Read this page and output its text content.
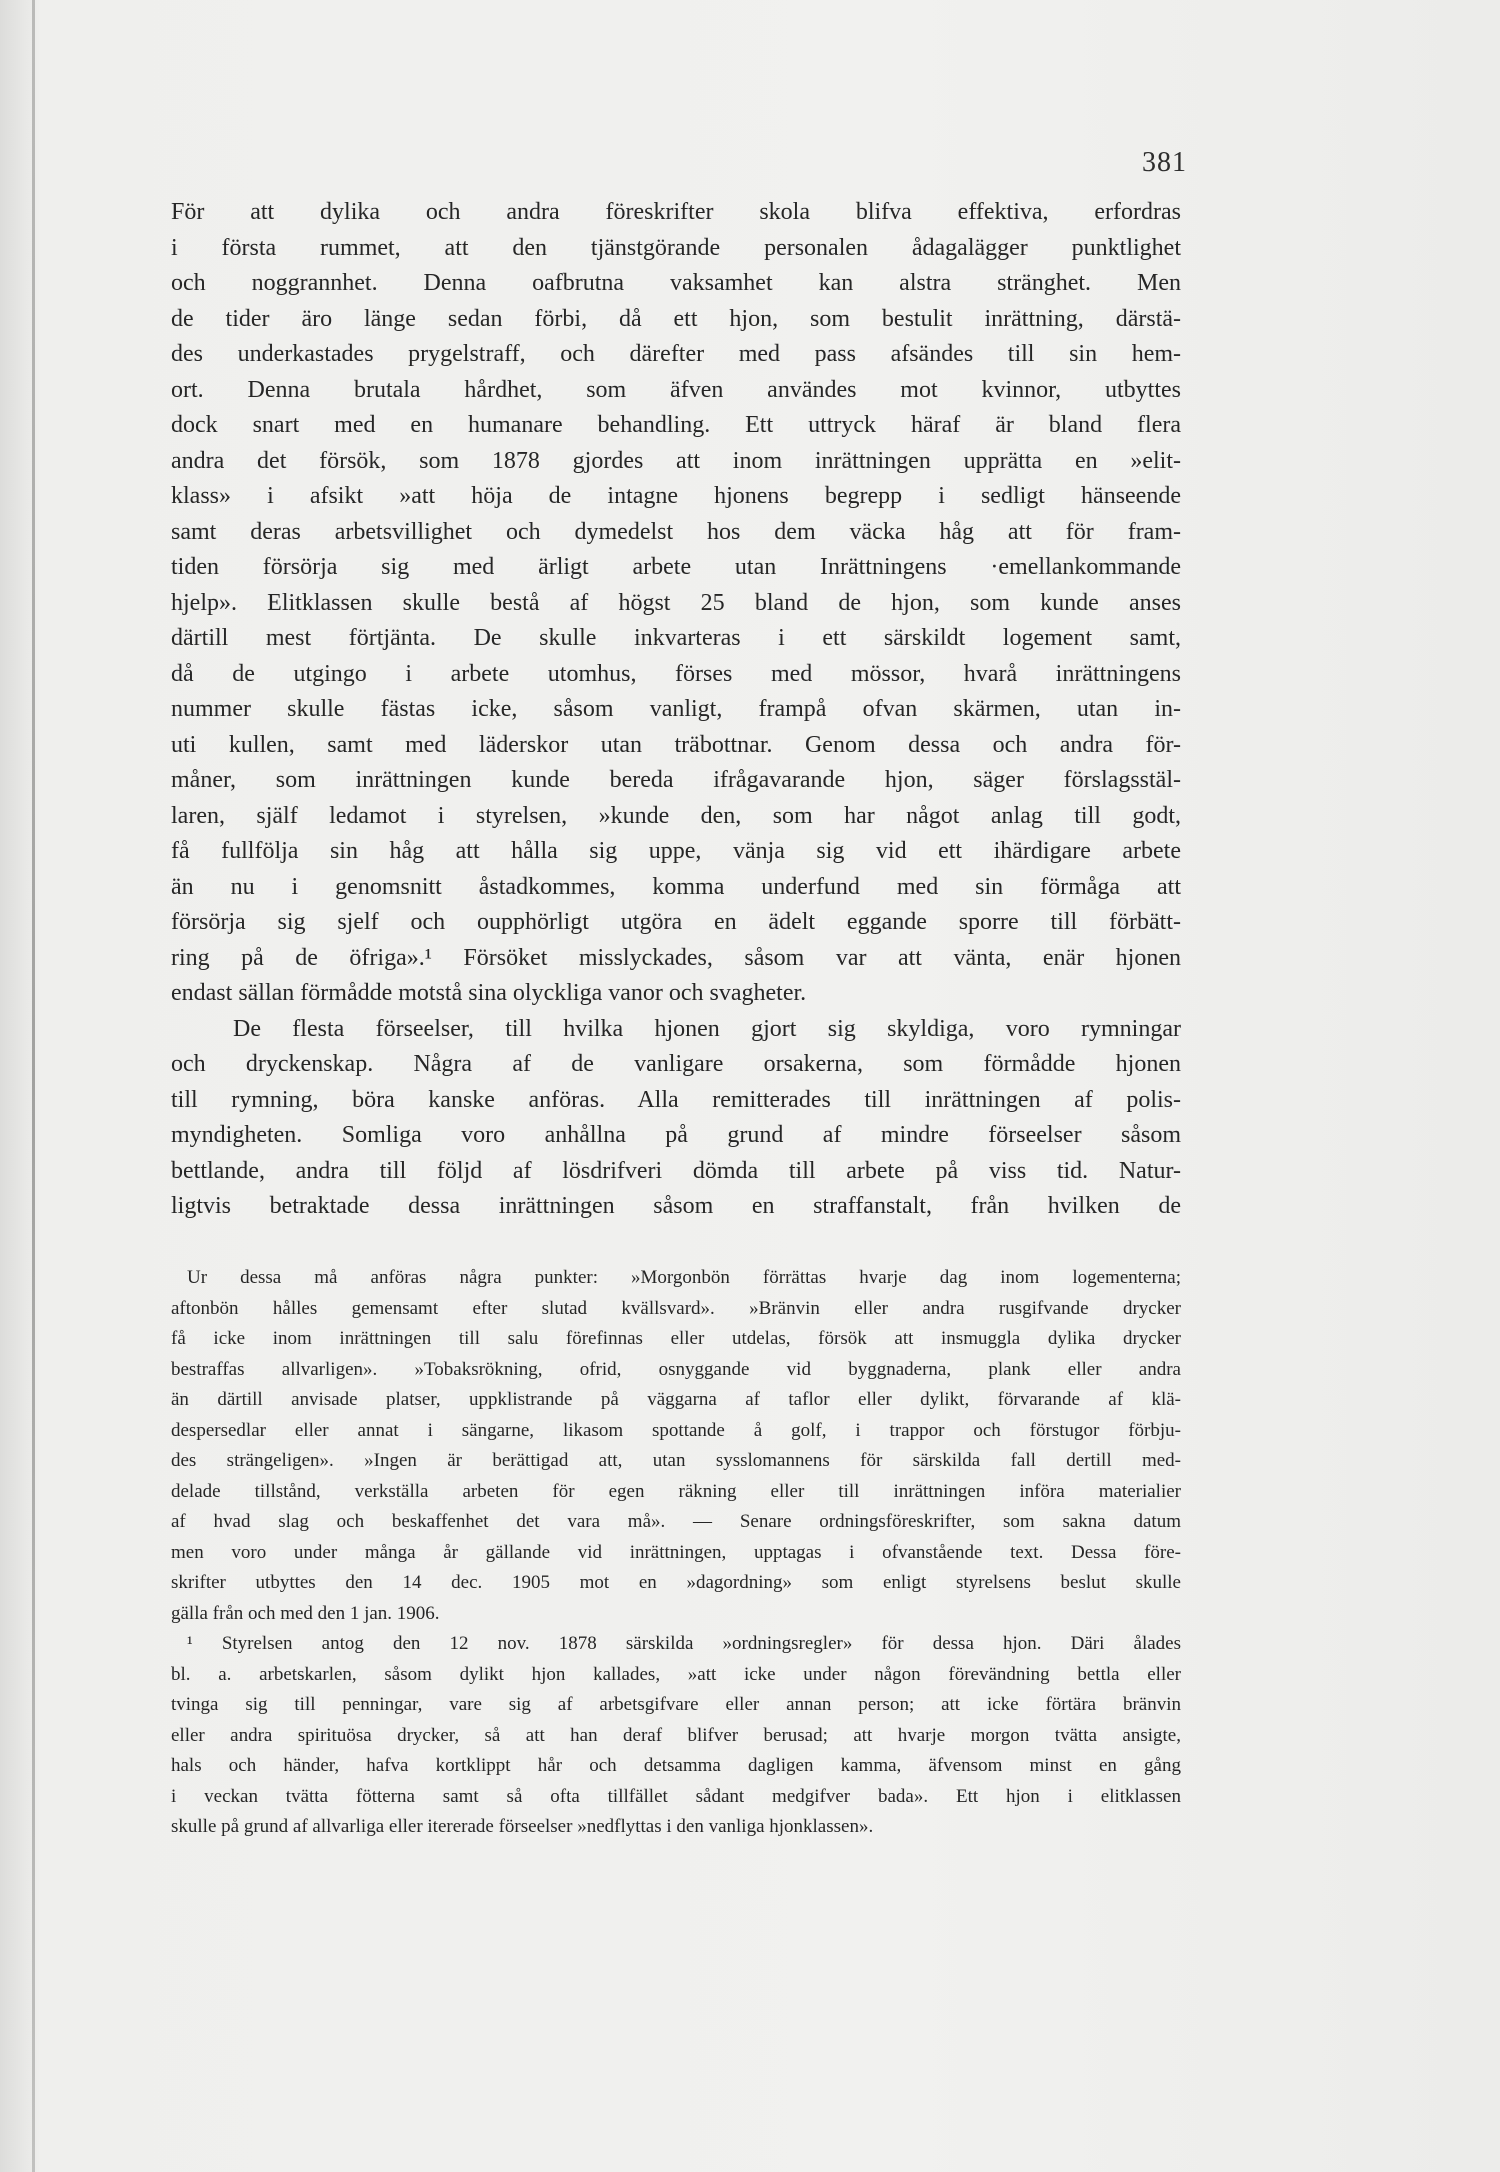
381
För att dylika och andra föreskrifter skola blifva effektiva, erfordras
i första rummet, att den tjänstgörande personalen ådagalägger punktlighet
och noggrannhet. Denna oafbrutna vaksamhet kan alstra stränghet. Men
de tider äro länge sedan förbi, då ett hjon, som bestulit inrättning, därstä-
des underkastades prygelstraff, och därefter med pass afsändes till sin hem-
ort. Denna brutala hårdhet, som äfven användes mot kvinnor, utbyttes
dock snart med en humanare behandling. Ett uttryck häraf är bland flera
andra det försök, som 1878 gjordes att inom inrättningen upprätta en »elit-
klass» i afsikt »att höja de intagne hjonens begrepp i sedligt hänseende
samt deras arbetsvillighet och dymedelst hos dem väcka håg att för fram-
tiden försörja sig med ärligt arbete utan Inrättningens ·emellankommande
hjelp». Elitklassen skulle bestå af högst 25 bland de hjon, som kunde anses
därtill mest förtjänta. De skulle inkvarteras i ett särskildt logement samt,
då de utgingo i arbete utomhus, förses med mössor, hvarå inrättningens
nummer skulle fästas icke, såsom vanligt, frampå ofvan skärmen, utan in-
uti kullen, samt med läderskor utan träbottnar. Genom dessa och andra för-
måner, som inrättningen kunde bereda ifrågavarande hjon, säger förslagsstäl-
laren, själf ledamot i styrelsen, »kunde den, som har något anlag till godt,
få fullfölja sin håg att hålla sig uppe, vänja sig vid ett ihärdigare arbete
än nu i genomsnitt åstadkommes, komma underfund med sin förmåga att
försörja sig sjelf och oupphörligt utgöra en ädelt eggande sporre till förbätt-
ring på de öfriga».¹ Försöket misslyckades, såsom var att vänta, enär hjonen
endast sällan förmådde motstå sina olyckliga vanor och svagheter.
De flesta förseelser, till hvilka hjonen gjort sig skyldiga, voro rymningar
och dryckenskap. Några af de vanligare orsakerna, som förmådde hjonen
till rymning, böra kanske anföras. Alla remitterades till inrättningen af polis-
myndigheten. Somliga voro anhållna på grund af mindre förseelser såsom
bettlande, andra till följd af lösdrifveri dömda till arbete på viss tid. Natur-
ligtvis betraktade dessa inrättningen såsom en straffanstalt, från hvilken de
Ur dessa må anföras några punkter: »Morgonbön förrättas hvarje dag inom logementerna;
aftonbön hålles gemensamt efter slutad kvällsvard». »Bränvin eller andra rusgifvande drycker
få icke inom inrättningen till salu förefinnas eller utdelas, försök att insmuggla dylika drycker
bestraffas allvarligen». »Tobaksrökning, ofrid, osnyggande vid byggnaderna, plank eller andra
än därtill anvisade platser, uppklistrande på väggarna af taflor eller dylikt, förvarande af klä-
despersedlar eller annat i sängarne, likasom spottande å golf, i trappor och förstugor förbju-
des strängeligen». »Ingen är berättigad att, utan sysslomannens för särskilda fall dertill med-
delade tillstånd, verkställa arbeten för egen räkning eller till inrättningen införa materialier
af hvad slag och beskaffenhet det vara må». — Senare ordningsföreskrifter, som sakna datum
men voro under många år gällande vid inrättningen, upptagas i ofvanstående text. Dessa före-
skrifter utbyttes den 14 dec. 1905 mot en »dagordning» som enligt styrelsens beslut skulle
gälla från och med den 1 jan. 1906.
¹ Styrelsen antog den 12 nov. 1878 särskilda »ordningsregler» för dessa hjon. Däri ålades
bl. a. arbetskarlen, såsom dylikt hjon kallades, »att icke under någon förevändning bettla eller
tvinga sig till penningar, vare sig af arbetsgifvare eller annan person; att icke förtära bränvin
eller andra spirituösa drycker, så att han deraf blifver berusad; att hvarje morgon tvätta ansigte,
hals och händer, hafva kortklippt hår och detsamma dagligen kamma, äfvensom minst en gång
i veckan tvätta fötterna samt så ofta tillfället sådant medgifver bada». Ett hjon i elitklassen
skulle på grund af allvarliga eller itererade förseelser »nedflyttas i den vanliga hjonklassen».
